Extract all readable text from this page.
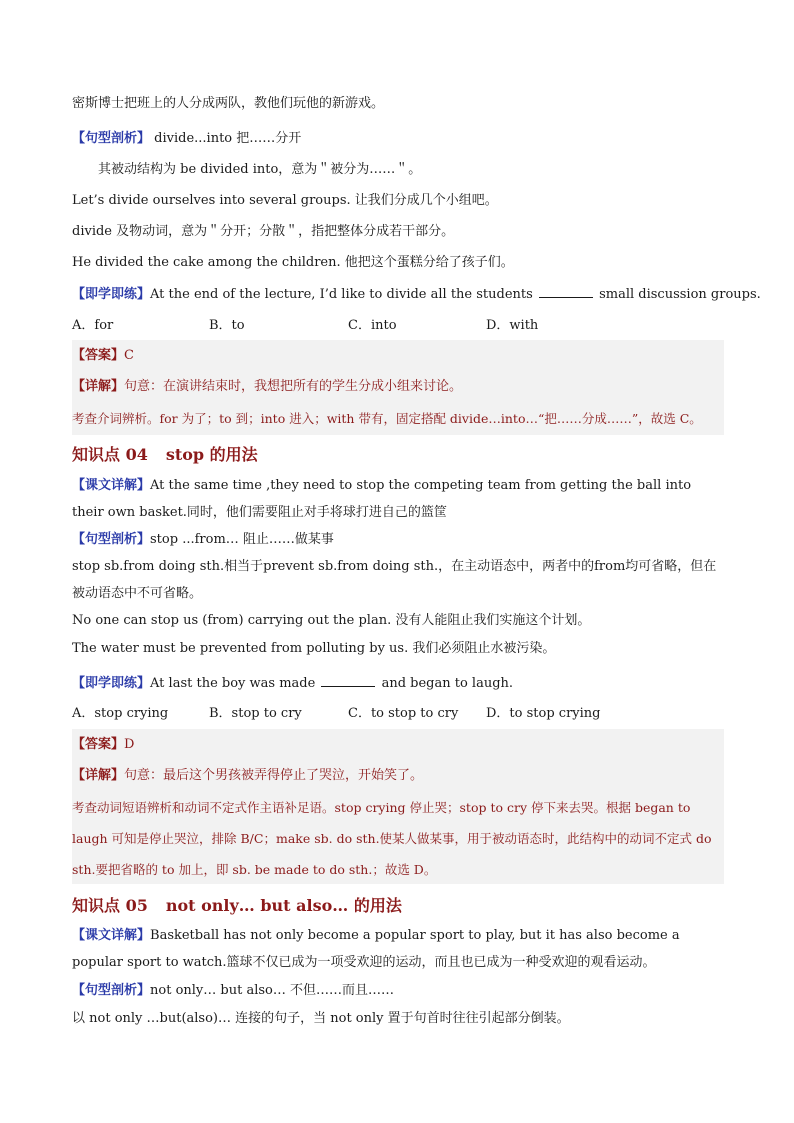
密斯博士把班上的人分成两队，教他们玩他的新游戏。
【句型剖析】 divide...into 把……分开
其被动结构为 be divided into，意为＂被分为……＂。
Let’s divide ourselves into several groups. 让我们分成几个小组吧。
divide 及物动词，意为＂分开；分散＂，指把整体分成若干部分。
He divided the cake among the children. 他把这个蛋糕分给了孩子们。
【即学即练】At the end of the lecture, I’d like to divide all the students	small discussion groups.
A．for	B．to	C．into	D．with
【答案】C
【详解】句意：在演讲结束时，我想把所有的学生分成小组来讨论。
考查介词辨析。for 为了；to 到；into 进入；with 带有，固定搭配 divide…into…“把……分成……”，故选 C。
知识点 04 stop 的用法
【课文详解】At the same time ,they need to stop the competing team from getting the ball into their own basket.同时，他们需要阻止对手将球打进自己的篮筐
【句型剖析】stop ...from… 阻止……做某事
stop sb.from doing sth.相当于prevent sb.from doing sth.，在主动语态中，两者中的from均可省略，但在被动语态中不可省略。
No one can stop us (from) carrying out the plan. 没有人能阻止我们实施这个计划。
The water must be prevented from polluting by us. 我们必须阻止水被污染。
【即学即练】At last the boy was made	and began to laugh.
A．stop crying	B．stop to cry	C．to stop to cry D．to stop crying
【答案】D
【详解】句意：最后这个男孩被弄得停止了哭泣，开始笑了。
考查动词短语辨析和动词不定式作主语补足语。stop crying 停止哭；stop to cry 停下来去哭。根据 began to laugh 可知是停止哭泣，排除 B/C；make sb. do sth.使某人做某事，用于被动语态时，此结构中的动词不定式 do sth.要把省略的 to 加上，即 sb. be made to do sth.；故选 D。
知识点 05 not only… but also… 的用法
【课文详解】Basketball has not only become a popular sport to play, but it has also become a popular sport to watch.篮球不仅已成为一项受欢迎的运动，而且也已成为一种受欢迎的观看运动。
【句型剖析】not only… but also… 不但……而且……
以 not only …but(also)… 连接的句子，当 not only 置于句首时往往引起部分倒装。
